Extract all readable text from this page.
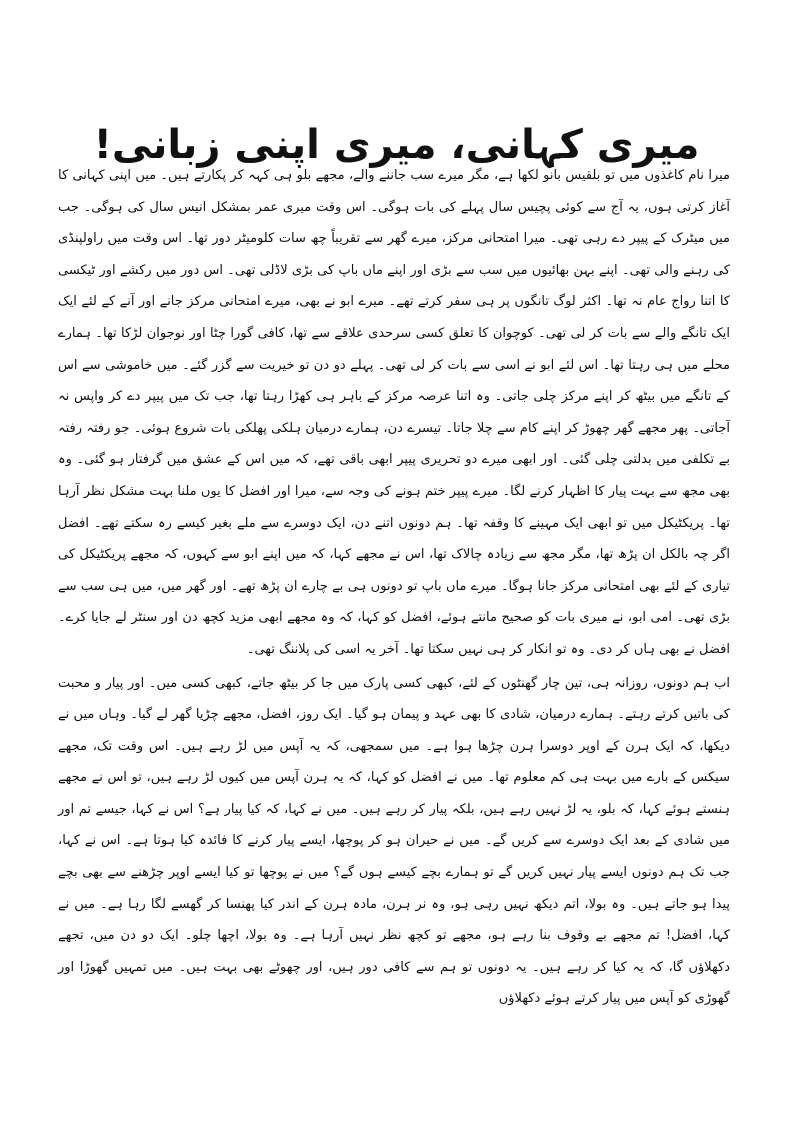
میری کہانی، میری اپنی زبانی!

میرا نام کاغذوں میں تو بلقیس بانو لکھا ہے، مگر میرے سب جاننے والے، مجھے بلو ہی کہہ کر پکارتے ہیں۔ میں اپنی کہانی کا آغاز کرتی ہوں، یہ آج سے کوئی پچیس سال پہلے کی بات ہوگی۔ اس وقت میری عمر بمشکل انیس سال کی ہوگی۔ جب میں میٹرک کے پیپر دے رہی تھی۔ میرا امتحانی مرکز، میرے گھر سے تقریباً چھ سات کلومیٹر دور تھا۔ اس وقت میں راولپنڈی کی رہنے والی تھی۔ اپنے بہن بھائیوں میں سب سے بڑی اور اپنے ماں باپ کی بڑی لاڈلی تھی۔ اس دور میں رکشے اور ٹیکسی کا اتنا رواج عام نہ تھا۔ اکثر لوگ تانگوں پر ہی سفر کرتے تھے۔ میرے ابو نے بھی، میرے امتحانی مرکز جانے اور آنے کے لئے ایک ایک تانگے والے سے بات کر لی تھی۔ کوچوان کا تعلق کسی سرحدی علاقے سے تھا، کافی گورا چٹا اور نوجوان لڑکا تھا۔ ہمارے محلے میں ہی رہتا تھا۔ اس لئے ابو نے اسی سے بات کر لی تھی۔ پہلے دو دن تو خیریت سے گزر گئے۔ میں خاموشی سے اس کے تانگے میں بیٹھ کر اپنے مرکز چلی جاتی۔ وہ اتنا عرصہ مرکز کے باہر ہی کھڑا رہتا تھا، جب تک میں پیپر دے کر واپس نہ آجاتی۔ پھر مجھے گھر چھوڑ کر اپنے کام سے چلا جاتا۔ تیسرے دن، ہمارے درمیان ہلکی پھلکی بات شروع ہوئی۔ جو رفتہ رفتہ بے تکلفی میں بدلتی چلی گئی۔ اور ابھی میرے دو تحریری پیپر ابھی باقی تھے، کہ میں اس کے عشق میں گرفتار ہو گئی۔ وہ بھی مجھ سے بہت پیار کا اظہار کرنے لگا۔ میرے پیپر ختم ہونے کی وجہ سے، میرا اور افضل کا یوں ملنا بہت مشکل نظر آرہا تھا۔ پریکٹیکل میں تو ابھی ایک مہینے کا وقفہ تھا۔ ہم دونوں اتنے دن، ایک دوسرے سے ملے بغیر کیسے رہ سکتے تھے۔ افضل اگر چہ بالکل ان پڑھ تھا، مگر مجھ سے زیادہ چالاک تھا، اس نے مجھے کہا، کہ میں اپنے ابو سے کہوں، کہ مجھے پریکٹیکل کی تیاری کے لئے بھی امتحانی مرکز جانا ہوگا۔ میرے ماں باپ تو دونوں ہی بے چارے ان پڑھ تھے۔ اور گھر میں، میں ہی سب سے بڑی تھی۔ امی ابو، نے میری بات کو صحیح مانتے ہوئے، افضل کو کہا، کہ وہ مجھے ابھی مزید کچھ دن اور سنٹر لے جایا کرے۔ افضل نے بھی ہاں کر دی۔ وہ تو انکار کر ہی نہیں سکتا تھا۔ آخر یہ اسی کی پلاننگ تھی۔

اب ہم دونوں، روزانہ ہی، تین چار گھنٹوں کے لئے، کبھی کسی پارک میں جا کر بیٹھ جاتے، کبھی کسی میں۔ اور پیار و محبت کی باتیں کرتے رہتے۔ ہمارے درمیان، شادی کا بھی عہد و پیمان ہو گیا۔ ایک روز، افضل، مجھے چڑیا گھر لے گیا۔ وہاں میں نے دیکھا، کہ ایک ہرن کے اوپر دوسرا ہرن چڑھا ہوا ہے۔ میں سمجھی، کہ یہ آپس میں لڑ رہے ہیں۔ اس وقت تک، مجھے سیکس کے بارے میں بہت ہی کم معلوم تھا۔ میں نے افضل کو کہا، کہ یہ ہرن آپس میں کیوں لڑ رہے ہیں، تو اس نے مجھے ہنستے ہوئے کہا، کہ بلو، یہ لڑ نہیں رہے ہیں، بلکہ پیار کر رہے ہیں۔ میں نے کہا، کہ کیا پیار ہے؟ اس نے کہا، جیسے تم اور میں شادی کے بعد ایک دوسرے سے کریں گے۔ میں نے حیران ہو کر پوچھا، ایسے پیار کرنے کا فائدہ کیا ہوتا ہے۔ اس نے کہا، جب تک ہم دونوں ایسے پیار نہیں کریں گے تو ہمارے بچے کیسے ہوں گے؟ میں نے پوچھا تو کیا ایسے اوپر چڑھنے سے بھی بچے پیدا ہو جاتے ہیں۔ وہ بولا، اتم دیکھ نہیں رہی ہو، وہ نر ہرن، مادہ ہرن کے اندر کیا پھنسا کر گھسے لگا رہا ہے۔ میں نے کہا، افضل! تم مجھے بے وقوف بنا رہے ہو، مجھے تو کچھ نظر نہیں آرہا ہے۔ وہ بولا، اچھا چلو۔ ایک دو دن میں، تجھے دکھلاؤں گا، کہ یہ کیا کر رہے ہیں۔ یہ دونوں تو ہم سے کافی دور ہیں، اور چھوٹے بھی بہت ہیں۔ میں تمہیں گھوڑا اور گھوڑی کو آپس میں پیار کرتے ہوئے دکھلاؤں
